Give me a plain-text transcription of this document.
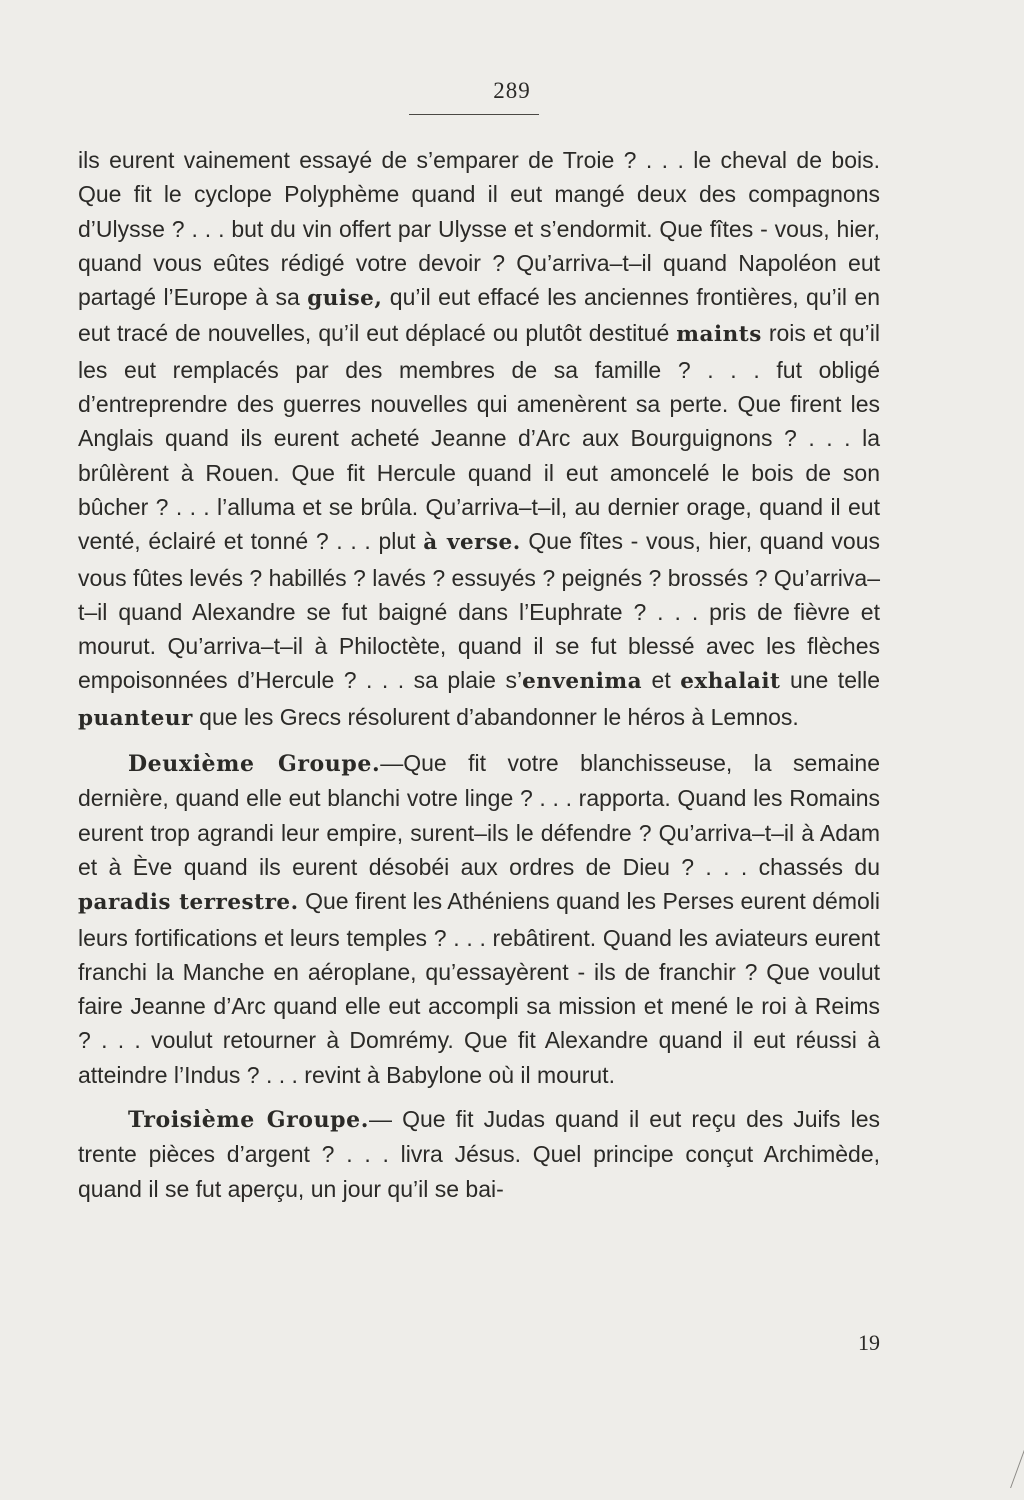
289

ils eurent vainement essayé de s’emparer de Troie ? . . . le cheval de bois. Que fit le cyclope Polyphème quand il eut mangé deux des compagnons d’Ulysse ? . . . but du vin offert par Ulysse et s’endormit. Que fîtes - vous, hier, quand vous eûtes rédigé votre devoir ? Qu’arriva–t–il quand Napoléon eut partagé l’Europe à sa guise, qu’il eut effacé les anciennes frontières, qu’il en eut tracé de nouvelles, qu’il eut déplacé ou plutôt destitué maints rois et qu’il les eut remplacés par des membres de sa famille ? . . . fut obligé d’entreprendre des guerres nouvelles qui amenèrent sa perte. Que firent les Anglais quand ils eurent acheté Jeanne d’Arc aux Bourguignons ? . . . la brûlèrent à Rouen. Que fit Hercule quand il eut amoncelé le bois de son bûcher ? . . . l’alluma et se brûla. Qu’arriva–t–il, au dernier orage, quand il eut venté, éclairé et tonné ? . . . plut à verse. Que fîtes - vous, hier, quand vous vous fûtes levés ? habillés ? lavés ? essuyés ? peignés ? brossés ? Qu’arriva–t–il quand Alexandre se fut baigné dans l’Euphrate ? . . . pris de fièvre et mourut. Qu’arriva–t–il à Philoctète, quand il se fut blessé avec les flèches empoisonnées d’Hercule ? . . . sa plaie s’envenima et exhalait une telle puanteur que les Grecs résolurent d’abandonner le héros à Lemnos.

Deuxième Groupe.—Que fit votre blanchisseuse, la semaine dernière, quand elle eut blanchi votre linge ? . . . rapporta. Quand les Romains eurent trop agrandi leur empire, surent–ils le défendre ? Qu’arriva–t–il à Adam et à Ève quand ils eurent désobéi aux ordres de Dieu ? . . . chassés du paradis terrestre. Que firent les Athéniens quand les Perses eurent démoli leurs fortifications et leurs temples ? . . . rebâtirent. Quand les aviateurs eurent franchi la Manche en aéroplane, qu’essayèrent - ils de franchir ? Que voulut faire Jeanne d’Arc quand elle eut accompli sa mission et mené le roi à Reims ? . . . voulut retourner à Domrémy. Que fit Alexandre quand il eut réussi à atteindre l’Indus ? . . . revint à Babylone où il mourut.

Troisième Groupe.— Que fit Judas quand il eut reçu des Juifs les trente pièces d’argent ? . . . livra Jésus. Quel principe conçut Archimède, quand il se fut aperçu, un jour qu’il se bai-

19
